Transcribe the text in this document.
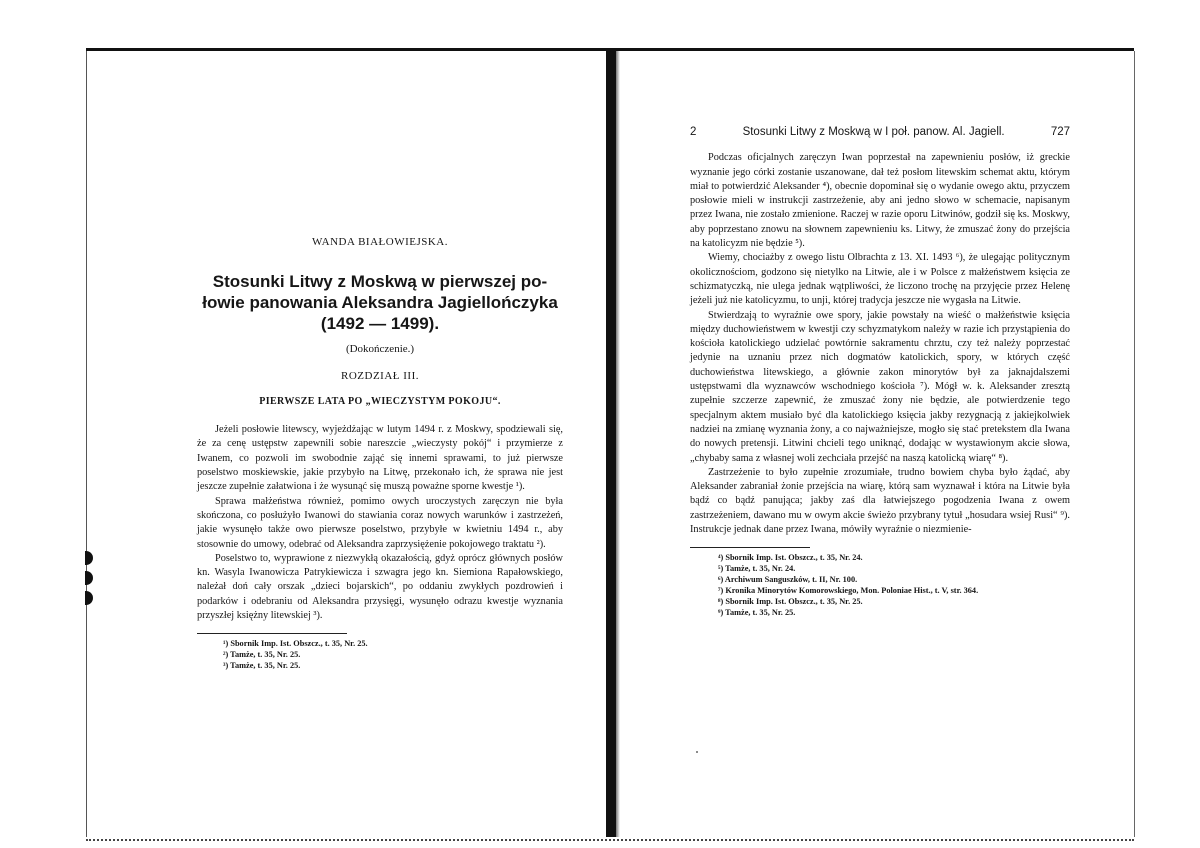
WANDA BIAŁOWIEJSKA.
Stosunki Litwy z Moskwą w pierwszej po-
łowie panowania Aleksandra Jagiellończyka
(1492 — 1499).
(Dokończenie.)
ROZDZIAŁ III.
PIERWSZE LATA PO „WIECZYSTYM POKOJU“.

Jeżeli posłowie litewscy, wyjeżdżając w lutym 1494 r. z Moskwy, spodziewali się, że za cenę ustępstw zapewnili sobie nareszcie „wieczysty pokój“ i przymierze z Iwanem, co pozwoli im swobodnie zająć się innemi sprawami, to już pierwsze poselstwo moskiewskie, jakie przybyło na Litwę, przekonało ich, że sprawa nie jest jeszcze zupełnie załatwiona i że wysunąć się muszą poważne sporne kwestje ¹).

Sprawa małżeństwa również, pomimo owych uroczystych zaręczyn nie była skończona, co posłużyło Iwanowi do stawiania coraz nowych warunków i zastrzeżeń, jakie wysunęło także owo pierwsze poselstwo, przybyłe w kwietniu 1494 r., aby stosownie do umowy, odebrać od Aleksandra zaprzysiężenie pokojowego traktatu ²).

Poselstwo to, wyprawione z niezwykłą okazałością, gdyż oprócz głównych posłów kn. Wasyla Iwanowicza Patrykiewicza i szwagra jego kn. Siemiona Rapałowskiego, należał doń cały orszak „dzieci bojarskich“, po oddaniu zwykłych pozdrowień i podarków i odebraniu od Aleksandra przysięgi, wysunęło odrazu kwestje wyznania przyszłej księżny litewskiej ³).

¹) Sbornik Imp. Ist. Obszcz., t. 35, Nr. 25.
²) Tamże, t. 35, Nr. 25.
³) Tamże, t. 35, Nr. 25.
2	Stosunki Litwy z Moskwą w I poł. panow. Al. Jagiell.	727

Podczas oficjalnych zaręczyn Iwan poprzestał na zapewnieniu posłów, iż greckie wyznanie jego córki zostanie uszanowane, dał też posłom litewskim schemat aktu, którym miał to potwierdzić Aleksander ⁴), obecnie dopominał się o wydanie owego aktu, przyczem posłowie mieli w instrukcji zastrzeżenie, aby ani jedno słowo w schemacie, napisanym przez Iwana, nie zostało zmienione. Raczej w razie oporu Litwinów, godził się ks. Moskwy, aby poprzestano znowu na słownem zapewnieniu ks. Litwy, że zmuszać żony do przejścia na katolicyzm nie będzie ⁵).

Wiemy, chociażby z owego listu Olbrachta z 13. XI. 1493 ⁶), że ulegając politycznym okolicznościom, godzono się nietylko na Litwie, ale i w Polsce z małżeństwem księcia ze schizmatyczką, nie ulega jednak wątpliwości, że liczono trochę na przyjęcie przez Helenę jeżeli już nie katolicyzmu, to unji, której tradycja jeszcze nie wygasła na Litwie.

Stwierdzają to wyraźnie owe spory, jakie powstały na wieść o małżeństwie księcia między duchowieństwem w kwestji czy schyzmatykom należy w razie ich przystąpienia do kościoła katolickiego udzielać powtórnie sakramentu chrztu, czy też należy poprzestać jedynie na uznaniu przez nich dogmatów katolickich, spory, w których część duchowieństwa litewskiego, a głównie zakon minorytów był za jaknajdalszemi ustępstwami dla wyznawców wschodniego kościoła ⁷). Mógł w. k. Aleksander zresztą zupełnie szczerze zapewnić, że zmuszać żony nie będzie, ale potwierdzenie tego specjalnym aktem musiało być dla katolickiego księcia jakby rezygnacją z jakiejkolwiek nadziei na zmianę wyznania żony, a co najważniejsze, mogło się stać pretekstem dla Iwana do nowych pretensji. Litwini chcieli tego uniknąć, dodając w wystawionym akcie słowa, „chybaby sama z własnej woli zechciała przejść na naszą katolicką wiarę“ ⁸).

Zastrzeżenie to było zupełnie zrozumiałe, trudno bowiem chyba było żądać, aby Aleksander zabraniał żonie przejścia na wiarę, którą sam wyznawał i która na Litwie była bądź co bądź panująca; jakby zaś dla łatwiejszego pogodzenia Iwana z owem zastrzeżeniem, dawano mu w owym akcie świeżo przybrany tytuł „hosudara wsiej Rusi“ ⁹). Instrukcje jednak dane przez Iwana, mówiły wyraźnie o niezmienie-

⁴) Sbornik Imp. Ist. Obszcz., t. 35, Nr. 24.
⁵) Tamże, t. 35, Nr. 24.
⁶) Archiwum Sanguszków, t. II, Nr. 100.
⁷) Kronika Minorytów Komorowskiego, Mon. Poloniae Hist., t. V, str. 364.
⁸) Sbornik Imp. Ist. Obszcz., t. 35, Nr. 25.
⁹) Tamże, t. 35, Nr. 25.
